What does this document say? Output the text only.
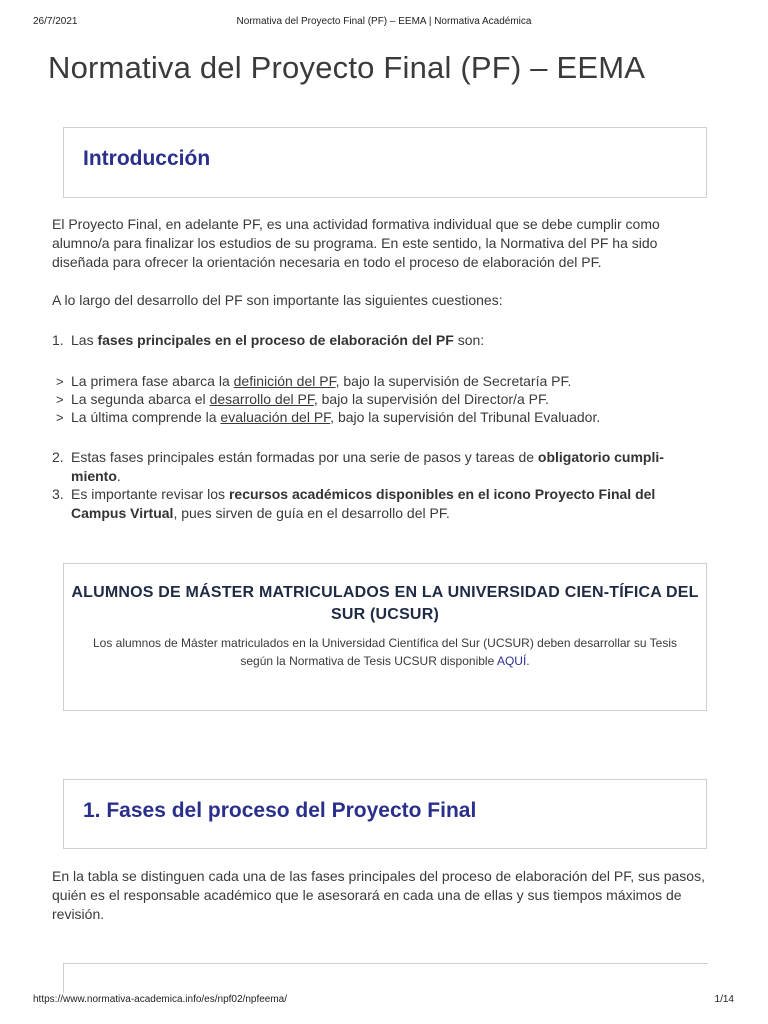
26/7/2021	Normativa del Proyecto Final (PF) – EEMA | Normativa Académica
Normativa del Proyecto Final (PF) – EEMA
Introducción

El Proyecto Final, en adelante PF, es una actividad formativa individual que se debe cumplir como alumno/a para finalizar los estudios de su programa. En este sentido, la Normativa del PF ha sido diseñada para ofrecer la orientación necesaria en todo el proceso de elaboración del PF.

A lo largo del desarrollo del PF son importante las siguientes cuestiones:

1. Las fases principales en el proceso de elaboración del PF son:

> La primera fase abarca la definición del PF, bajo la supervisión de Secretaría PF.

> La segunda abarca el desarrollo del PF, bajo la supervisión del Director/a PF.

> La última comprende la evaluación del PF, bajo la supervisión del Tribunal Evaluador.

2. Estas fases principales están formadas por una serie de pasos y tareas de obligatorio cumpli-miento.

3. Es importante revisar los recursos académicos disponibles en el icono Proyecto Final del Campus Virtual, pues sirven de guía en el desarrollo del PF.

ALUMNOS DE MÁSTER MATRICULADOS EN LA UNIVERSIDAD CIEN-TÍFICA DEL SUR (UCSUR)
Los alumnos de Máster matriculados en la Universidad Científica del Sur (UCSUR) deben desarrollar su Tesis según la Normativa de Tesis UCSUR disponible AQUÍ.
1. Fases del proceso del Proyecto Final

En la tabla se distinguen cada una de las fases principales del proceso de elaboración del PF, sus pasos, quién es el responsable académico que le asesorará en cada una de ellas y sus tiempos máximos de revisión.

https://www.normativa-academica.info/es/npf02/npfeema/	1/14
